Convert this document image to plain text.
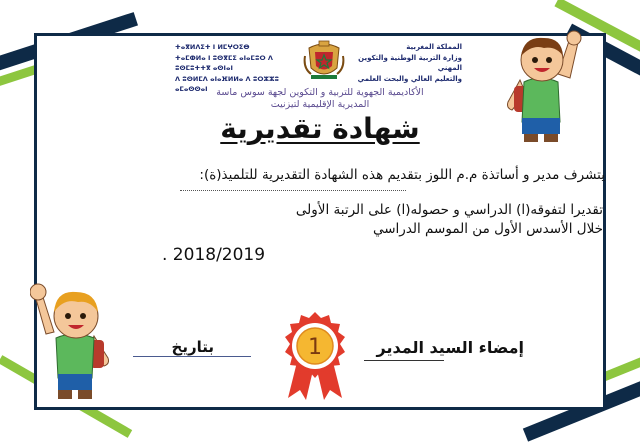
ⵜⴰⴳⵍⴷⵉⵜ ⵏ ⵍⵎⵖⵔⵉⴱ
ⵜⴰⵎⵀⵍⴰ ⵏ ⵓⵙⴳⵎⵉ ⴰⵏⴰⵎⵓⵔ ⴷ ⵓⵙⵎⵓⵜⵜⴳ ⴰⵙⵏⴰⵏ
ⴷ ⵓⵙⵍⵎⴷ ⴰⵏⴰⴼⵍⵍⴰ ⴷ ⵓⵔⵣⵣⵓ ⴰⵎⴰⵙⵙⴰⵏ
المملكة المغربية
وزارة التربية الوطنية والتكوين المهني
والتعليم العالي والبحث العلمي
الأكاديمية الجهوية للتربية و التكوين لجهة سوس ماسة
المديرية الإقليمية لتيزنيت
شهادة تقديرية
يتشرف مدير و أساتذة م.م اللوز بتقديم هذه الشهادة التقديرية للتلميذ(ة):
تقديرا لتفوقه(ا) الدراسي و حصوله(ا) على الرتبة الأولى خلال الأسدس الأول من الموسم الدراسي
. 2018/2019
إمضاء السيد المدير
بتاريخ	1
